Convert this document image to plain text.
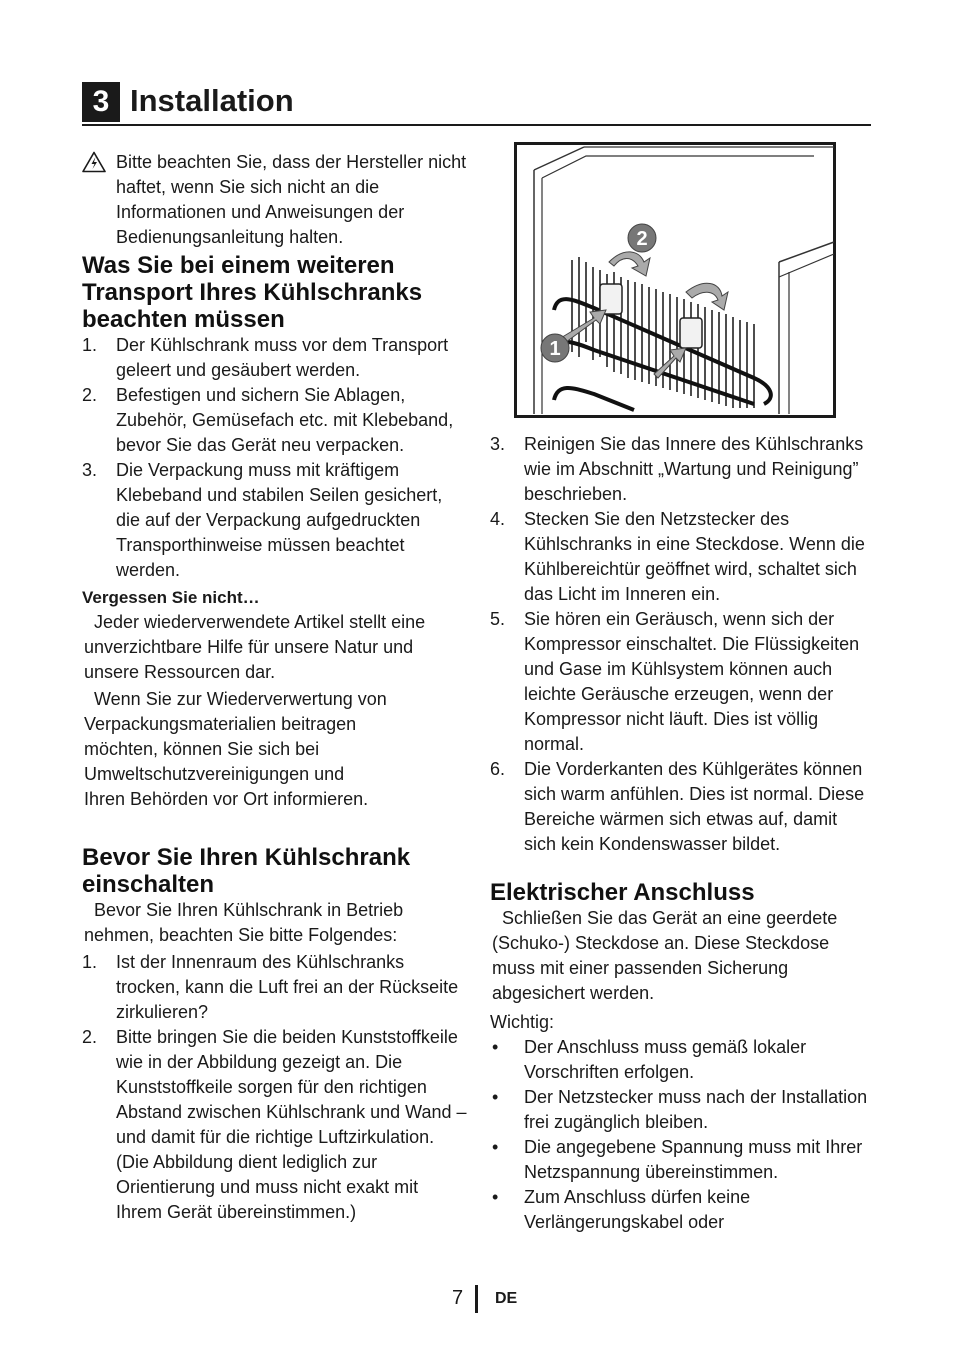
3 Installation

Bitte beachten Sie, dass der Hersteller nicht haftet, wenn Sie sich nicht an die Informationen und Anweisungen der Bedienungsanleitung halten.

Was Sie bei einem weiteren Transport Ihres Kühlschranks beachten müssen
1.	Der Kühlschrank muss vor dem Transport geleert und gesäubert werden.
2.	Befestigen und sichern Sie Ablagen, Zubehör, Gemüsefach etc. mit Klebeband, bevor Sie das Gerät neu verpacken.
3.	Die Verpackung muss mit kräftigem Klebeband und stabilen Seilen gesichert, die auf der Verpackung aufgedruckten Transporthinweise müssen beachtet werden.

Vergessen Sie nicht…

Jeder wiederverwendete Artikel stellt eine unverzichtbare Hilfe für unsere Natur und unsere Ressourcen dar.

Wenn Sie zur Wiederverwertung von Verpackungsmaterialien beitragen möchten, können Sie sich bei Umweltschutzvereinigungen und Ihren Behörden vor Ort informieren.

Bevor Sie Ihren Kühlschrank einschalten

Bevor Sie Ihren Kühlschrank in Betrieb nehmen, beachten Sie bitte Folgendes:

1.	Ist der Innenraum des Kühlschranks trocken, kann die Luft frei an der Rückseite zirkulieren?
2.	Bitte bringen Sie die beiden Kunststoffkeile wie in der Abbildung gezeigt an. Die Kunststoffkeile sorgen für den richtigen Abstand zwischen Kühlschrank und Wand – und damit für die richtige Luftzirkulation. (Die Abbildung dient lediglich zur Orientierung und muss nicht exakt mit Ihrem Gerät übereinstimmen.)
2
1
3.	Reinigen Sie das Innere des Kühlschranks wie im Abschnitt „Wartung und Reinigung” beschrieben.
4.	Stecken Sie den Netzstecker des Kühlschranks in eine Steckdose. Wenn die Kühlbereichtür geöffnet wird, schaltet sich das Licht im Inneren ein.
5.	Sie hören ein Geräusch, wenn sich der Kompressor einschaltet. Die Flüssigkeiten und Gase im Kühlsystem können auch leichte Geräusche erzeugen, wenn der Kompressor nicht läuft. Dies ist völlig normal.
6.	Die Vorderkanten des Kühlgerätes können sich warm anfühlen. Dies ist normal. Diese Bereiche wärmen sich etwas auf, damit sich kein Kondenswasser bildet.
Elektrischer Anschluss

Schließen Sie das Gerät an eine geerdete (Schuko-) Steckdose an. Diese Steckdose muss mit einer passenden Sicherung abgesichert werden.

Wichtig:

•	Der Anschluss muss gemäß lokaler Vorschriften erfolgen.
•	Der Netzstecker muss nach der Installation frei zugänglich bleiben.
•	Die angegebene Spannung muss mit Ihrer Netzspannung übereinstimmen.
•	Zum Anschluss dürfen keine Verlängerungskabel oder
7 DE
